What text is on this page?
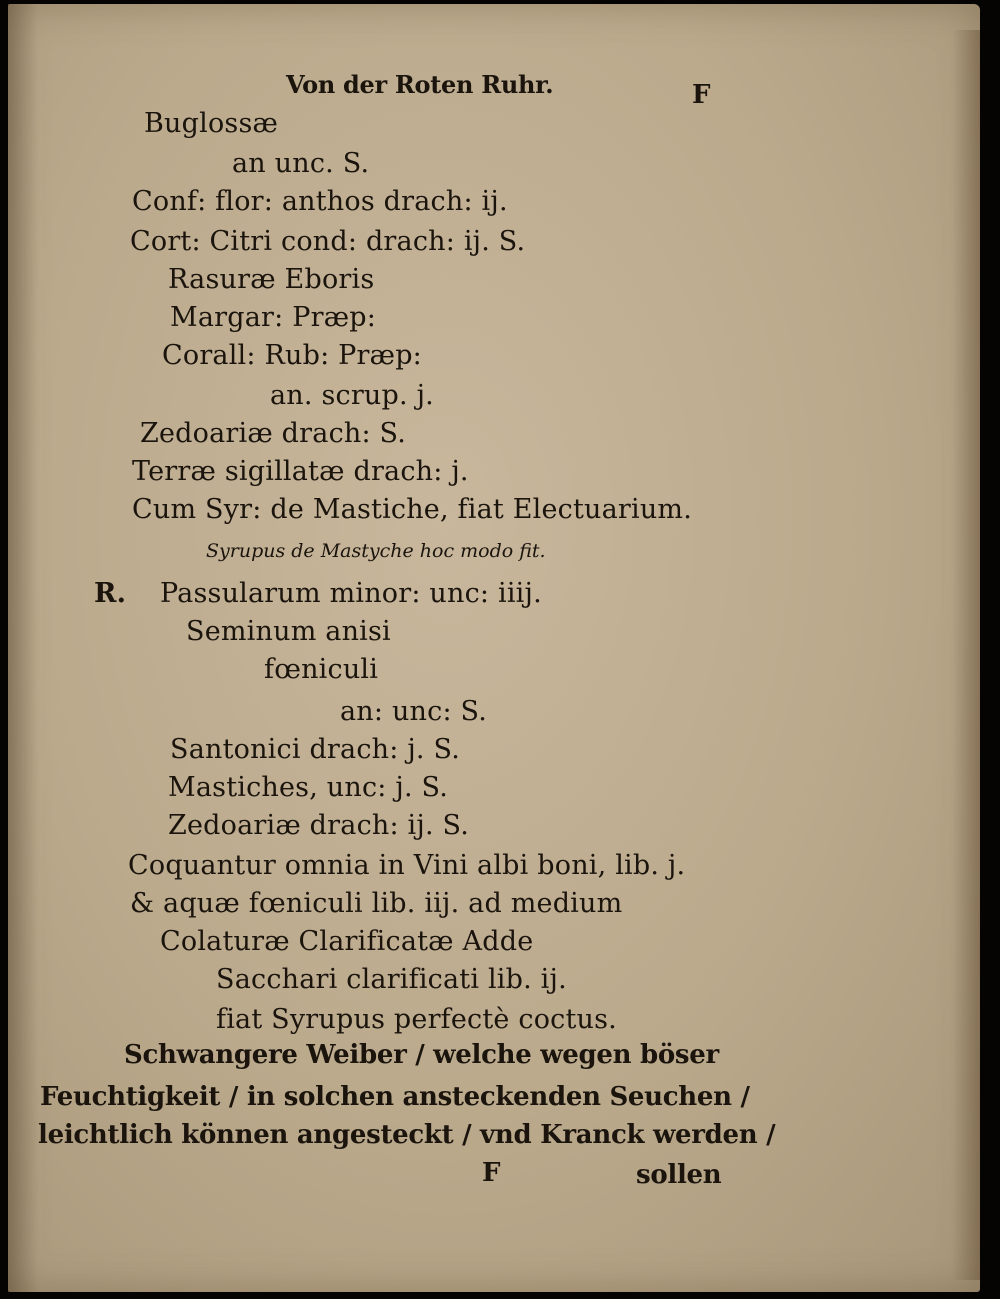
Von der Roten Ruhr.	F
Buglossæ
an unc. S.
Conf: flor: anthos drach: ij.
Cort: Citri cond: drach: ij. S.
Rasuræ Eboris
Margar: Præp:
Corall: Rub: Præp:
an. scrup. j.
Zedoariæ drach: S.
Terræ sigillatæ drach: j.
Cum Syr: de Mastiche, fiat Electuarium.
Syrupus de Mastyche hoc modo fit.
R. Passularum minor: unc: iiij.
Seminum anisi
fœniculi
an: unc: S.
Santonici drach: j. S.
Mastiches, unc: j. S.
Zedoariæ drach: ij. S.
Coquantur omnia in Vini albi boni, lib. j.
& aquæ fœniculi lib. iij. ad medium
Colaturæ Clarificatæ Adde
Sacchari clarificati lib. ij.
fiat Syrupus perfectè coctus.
Schwangere Weiber / welche wegen böser
Feuchtigkeit / in solchen ansteckenden Seuchen /
leichtlich können angesteckt / vnd Kranck werden /
F	sollen
